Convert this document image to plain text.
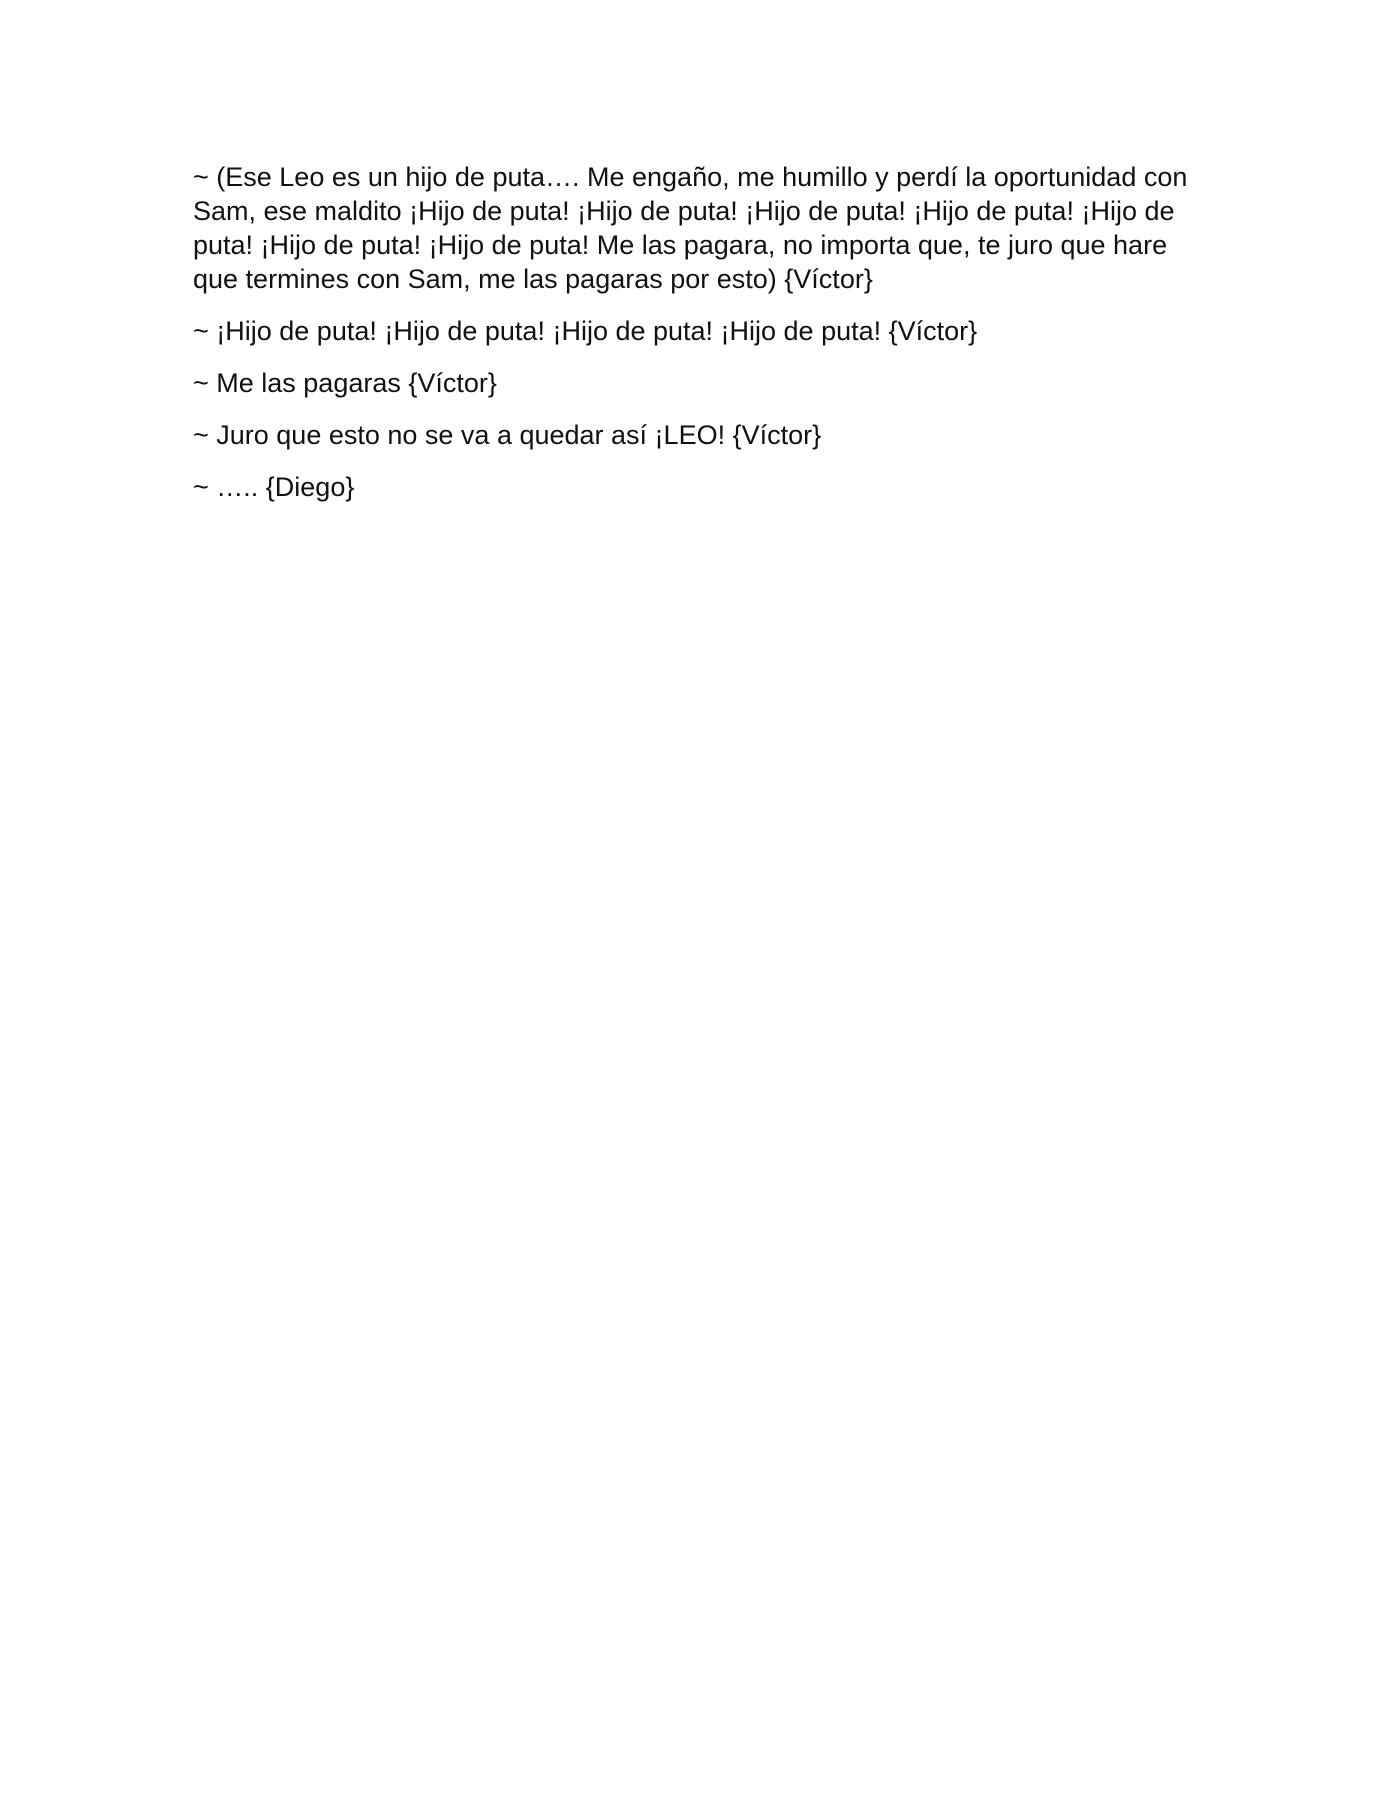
~ (Ese Leo es un hijo de puta…. Me engaño, me humillo y perdí la oportunidad con Sam, ese maldito ¡Hijo de puta! ¡Hijo de puta! ¡Hijo de puta! ¡Hijo de puta! ¡Hijo de puta! ¡Hijo de puta! ¡Hijo de puta! Me las pagara, no importa que, te juro que hare que termines con Sam, me las pagaras por esto) {Víctor}

~ ¡Hijo de puta! ¡Hijo de puta! ¡Hijo de puta! ¡Hijo de puta! {Víctor}

~ Me las pagaras {Víctor}

~ Juro que esto no se va a quedar así ¡LEO! {Víctor}

~ ….. {Diego}
